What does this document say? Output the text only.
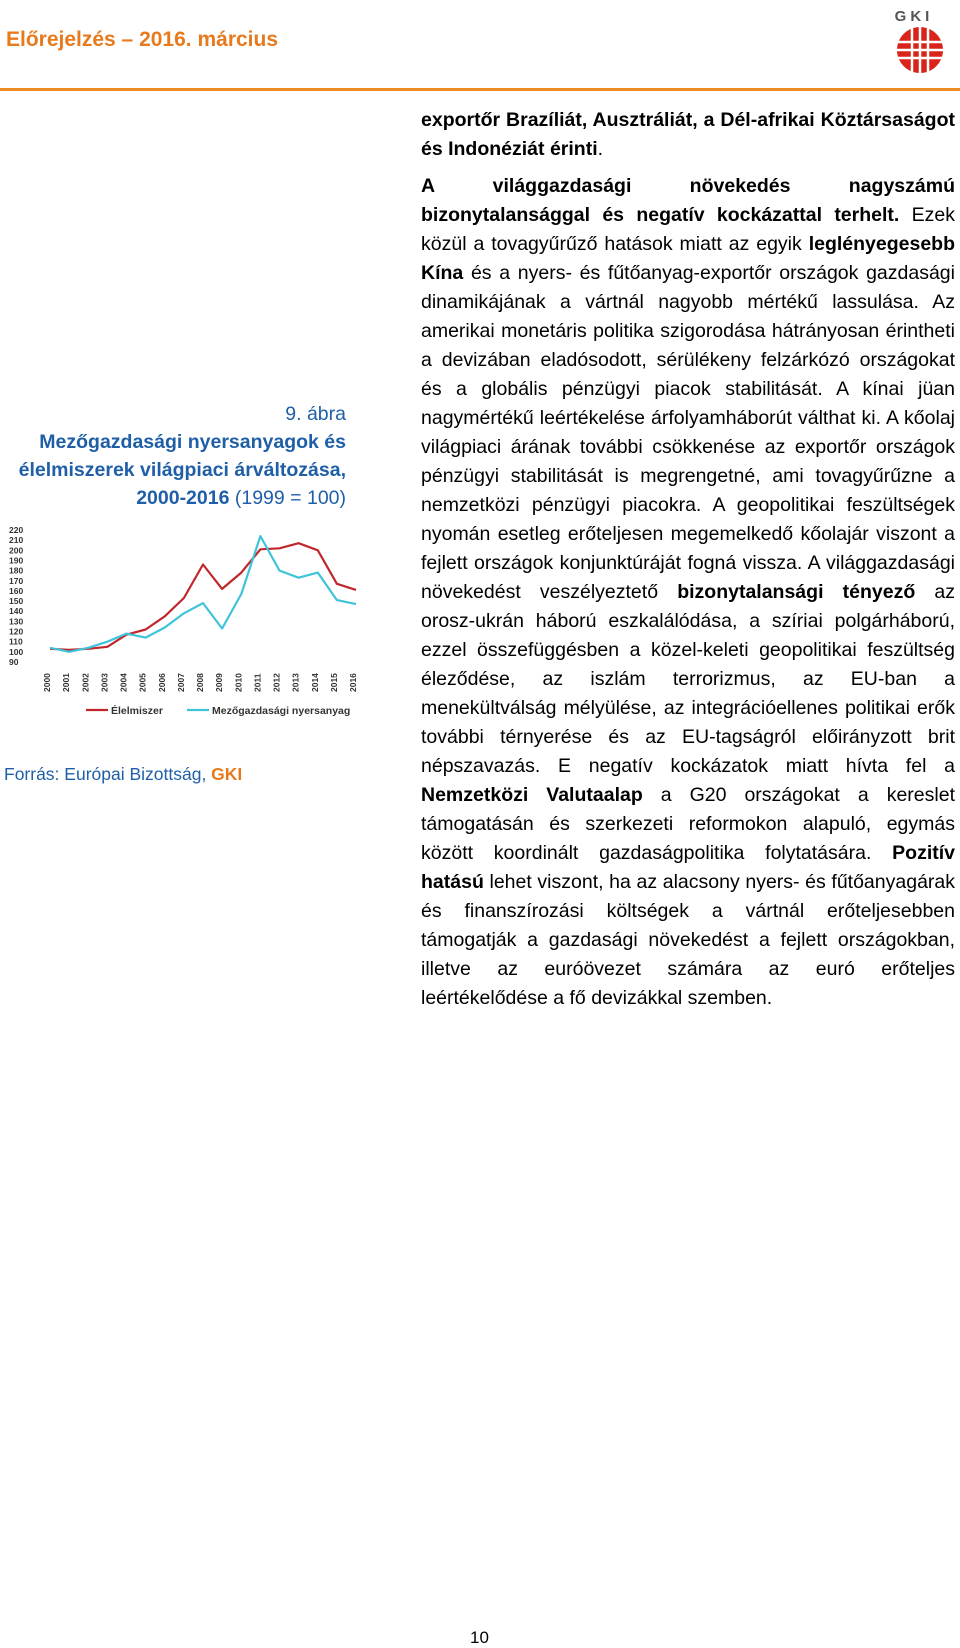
Előrejelzés – 2016. március
GKI

exportőr Brazíliát, Ausztráliát, a Dél-afrikai Köztársaságot és Indonéziát érinti.

A világgazdasági növekedés nagyszámú bizonytalansággal és negatív kockázattal terhelt. Ezek közül a tovagyűrűző hatások miatt az egyik leglényegesebb Kína és a nyers- és fűtőanyag-exportőr országok gazdasági dinamikájának a vártnál nagyobb mértékű lassulása. Az amerikai monetáris politika szigorodása hátrányosan érintheti a devizában eladósodott, sérülékeny felzárkózó országokat és a globális pénzügyi piacok stabilitását. A kínai jüan nagymértékű leértékelése árfolyamháborút válthat ki. A kőolaj világpiaci árának további csökkenése az exportőr országok pénzügyi stabilitását is megrengetné, ami tovagyűrűzne a nemzetközi pénzügyi piacokra. A geopolitikai feszültségek nyomán esetleg erőteljesen megemelkedő kőolajár viszont a fejlett országok konjunktúráját fogná vissza. A világgazdasági növekedést veszélyeztető bizonytalansági tényező az orosz-ukrán háború eszkalálódása, a szíriai polgárháború, ezzel összefüggésben a közel-keleti geopolitikai feszültség éleződése, az iszlám terrorizmus, az EU-ban a menekültválság mélyülése, az integrációellenes politikai erők további térnyerése és az EU-tagságról előirányzott brit népszavazás. E negatív kockázatok miatt hívta fel a Nemzetközi Valutaalap a G20 országokat a kereslet támogatásán és szerkezeti reformokon alapuló, egymás között koordinált gazdaságpolitika folytatására. Pozitív hatású lehet viszont, ha az alacsony nyers- és fűtőanyagárak és finanszírozási költségek a vártnál erőteljesebben támogatják a gazdasági növekedést a fejlett országokban, illetve az euróövezet számára az euró erőteljes leértékelődése a fő devizákkal szemben.

9. ábra
Mezőgazdasági nyersanyagok és
élelmiszerek világpiaci árváltozása,
2000-2016 (1999 = 100)
90
100
110
120
130
140
150
160
170
180
190
200
210
220
2000 2001 2002 2003 2004 2005 2006 2007 2008 2009 2010 2011 2012 2013 2014 2015 2016
Élelmiszer	Mezőgazdasági nyersanyag
Forrás: Európai Bizottság, GKI
10
